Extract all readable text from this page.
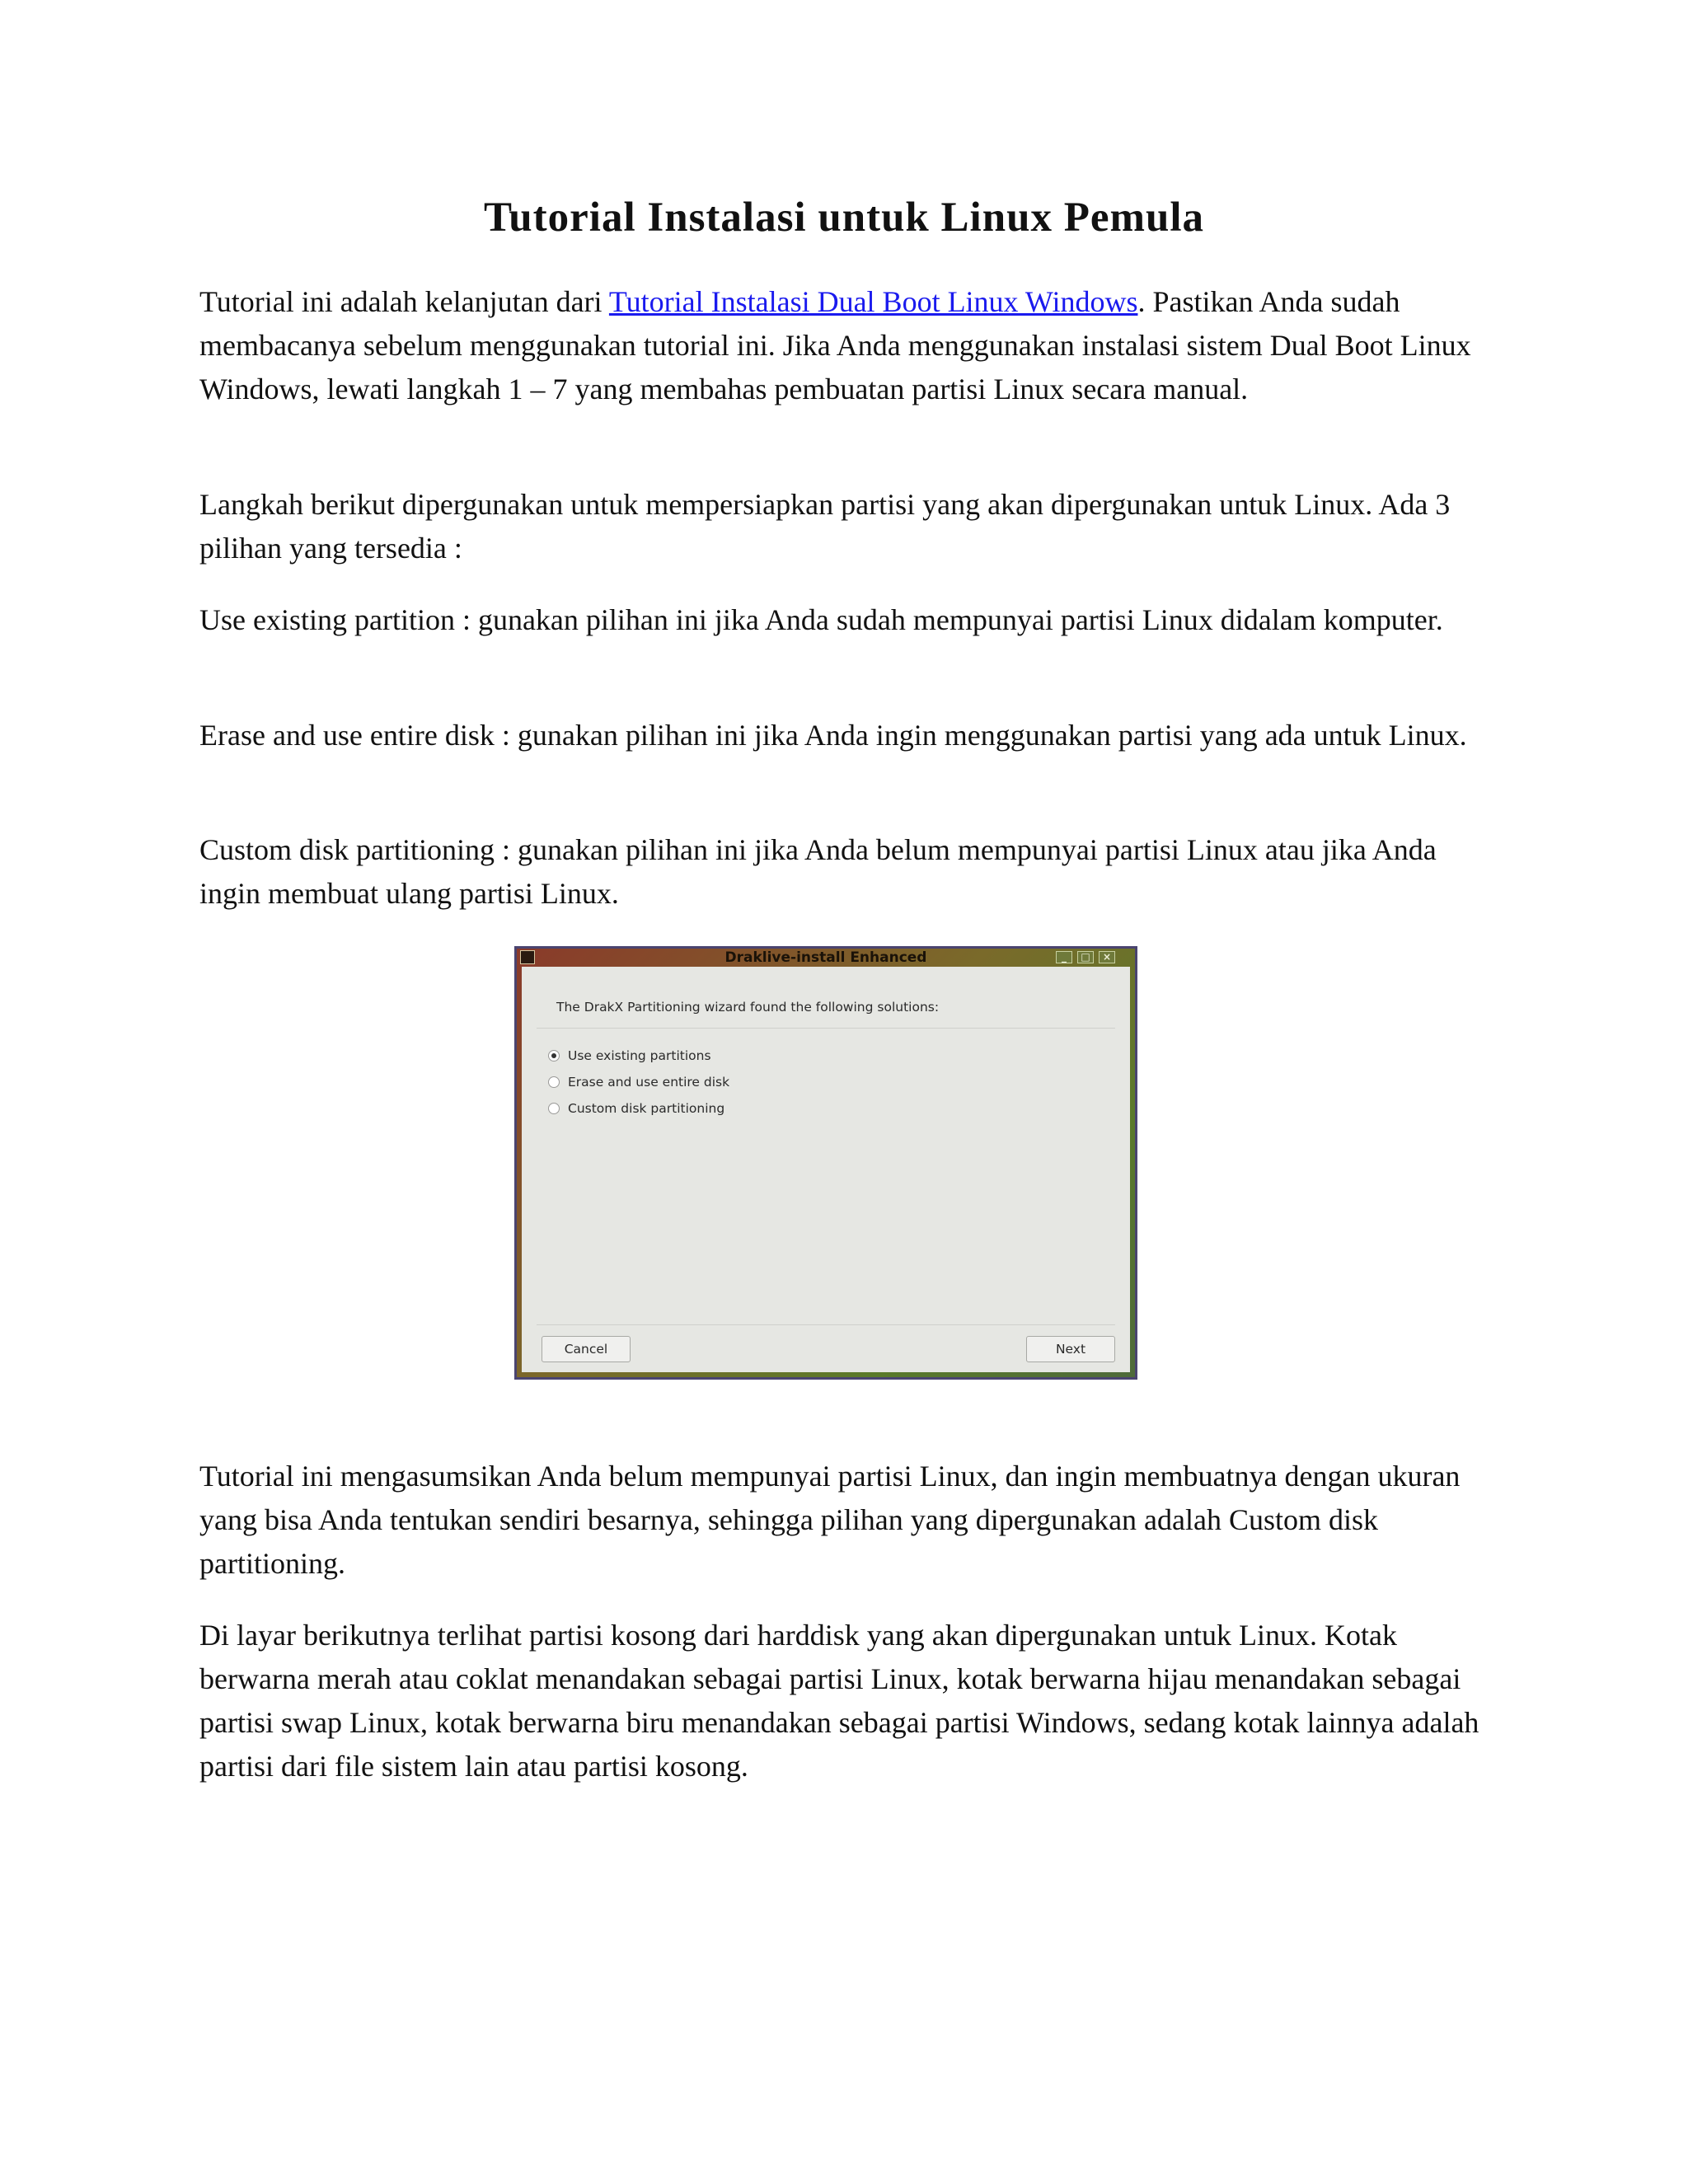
Tutorial Instalasi untuk Linux Pemula

Tutorial ini adalah kelanjutan dari Tutorial Instalasi Dual Boot Linux Windows. Pastikan Anda sudah membacanya sebelum menggunakan tutorial ini. Jika Anda menggunakan instalasi sistem Dual Boot Linux Windows, lewati langkah 1 – 7 yang membahas pembuatan partisi Linux secara manual.

Langkah berikut dipergunakan untuk mempersiapkan partisi yang akan dipergunakan untuk Linux. Ada 3 pilihan yang tersedia :

Use existing partition : gunakan pilihan ini jika Anda sudah mempunyai partisi Linux didalam komputer.

Erase and use entire disk : gunakan pilihan ini jika Anda ingin menggunakan partisi yang ada untuk Linux.

Custom disk partitioning : gunakan pilihan ini jika Anda belum mempunyai partisi Linux atau jika Anda ingin membuat ulang partisi Linux.

Draklive-install Enhanced	_	□	×
The DrakX Partitioning wizard found the following solutions:
Use existing partitions
Erase and use entire disk
Custom disk partitioning
Cancel	Next

Tutorial ini mengasumsikan Anda belum mempunyai partisi Linux, dan ingin membuatnya dengan ukuran yang bisa Anda tentukan sendiri besarnya, sehingga pilihan yang dipergunakan adalah Custom disk partitioning.

Di layar berikutnya terlihat partisi kosong dari harddisk yang akan dipergunakan untuk Linux. Kotak berwarna merah atau coklat menandakan sebagai partisi Linux, kotak berwarna hijau menandakan sebagai partisi swap Linux, kotak berwarna biru menandakan sebagai partisi Windows, sedang kotak lainnya adalah partisi dari file sistem lain atau partisi kosong.
